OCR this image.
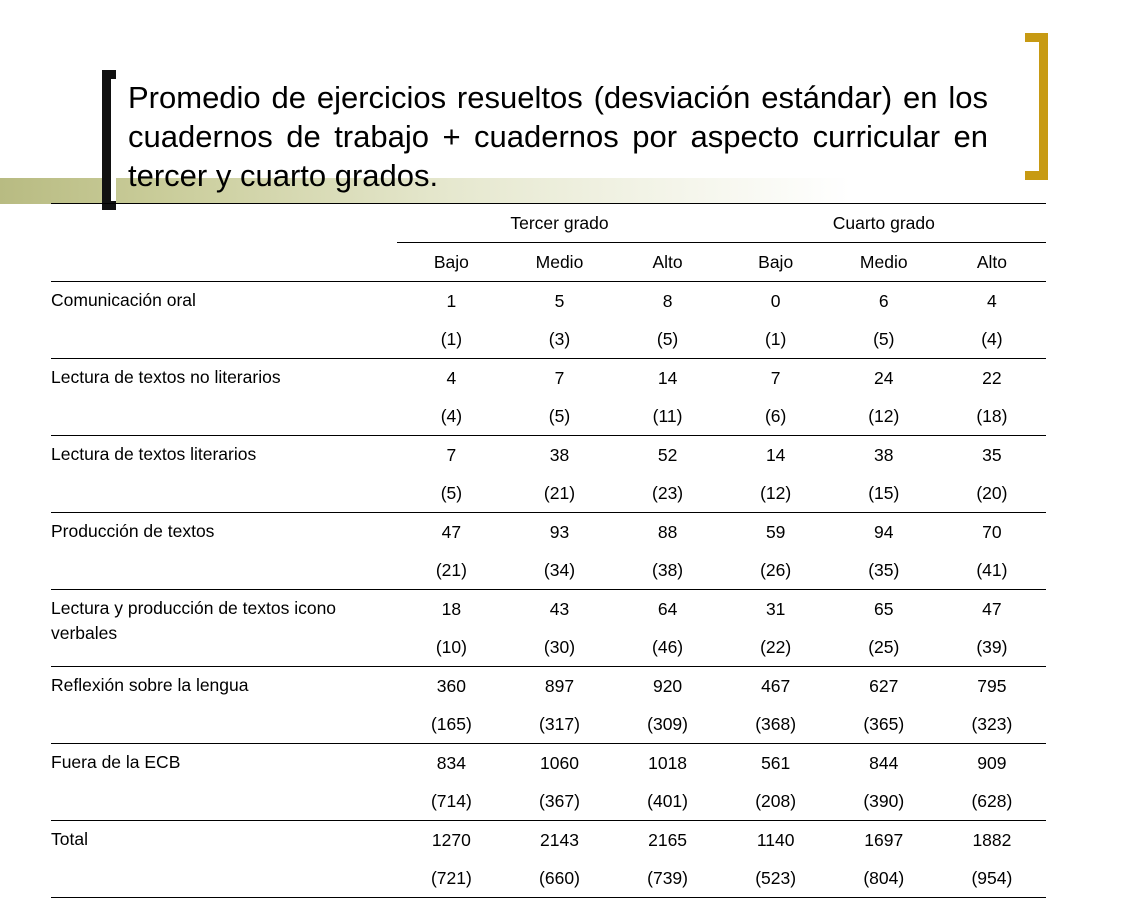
Promedio de ejercicios resueltos (desviación estándar) en los cuadernos de trabajo + cuadernos por aspecto curricular en tercer y cuarto grados.

	Tercer grado			Cuarto grado		
	Bajo	Medio	Alto	Bajo	Medio	Alto

Comunicación oral	1	5	8	0	6	4
	(1)	(3)	(5)	(1)	(5)	(4)

Lectura de textos no literarios	4	7	14	7	24	22
	(4)	(5)	(11)	(6)	(12)	(18)

Lectura de textos literarios	7	38	52	14	38	35
	(5)	(21)	(23)	(12)	(15)	(20)

Producción de textos	47	93	88	59	94	70
	(21)	(34)	(38)	(26)	(35)	(41)

Lectura y producción de textos icono verbales	18	43	64	31	65	47
	(10)	(30)	(46)	(22)	(25)	(39)

Reflexión sobre la lengua	360	897	920	467	627	795
	(165)	(317)	(309)	(368)	(365)	(323)

Fuera de la ECB	834	1060	1018	561	844	909
	(714)	(367)	(401)	(208)	(390)	(628)

Total	1270	2143	2165	1140	1697	1882
	(721)	(660)	(739)	(523)	(804)	(954)
